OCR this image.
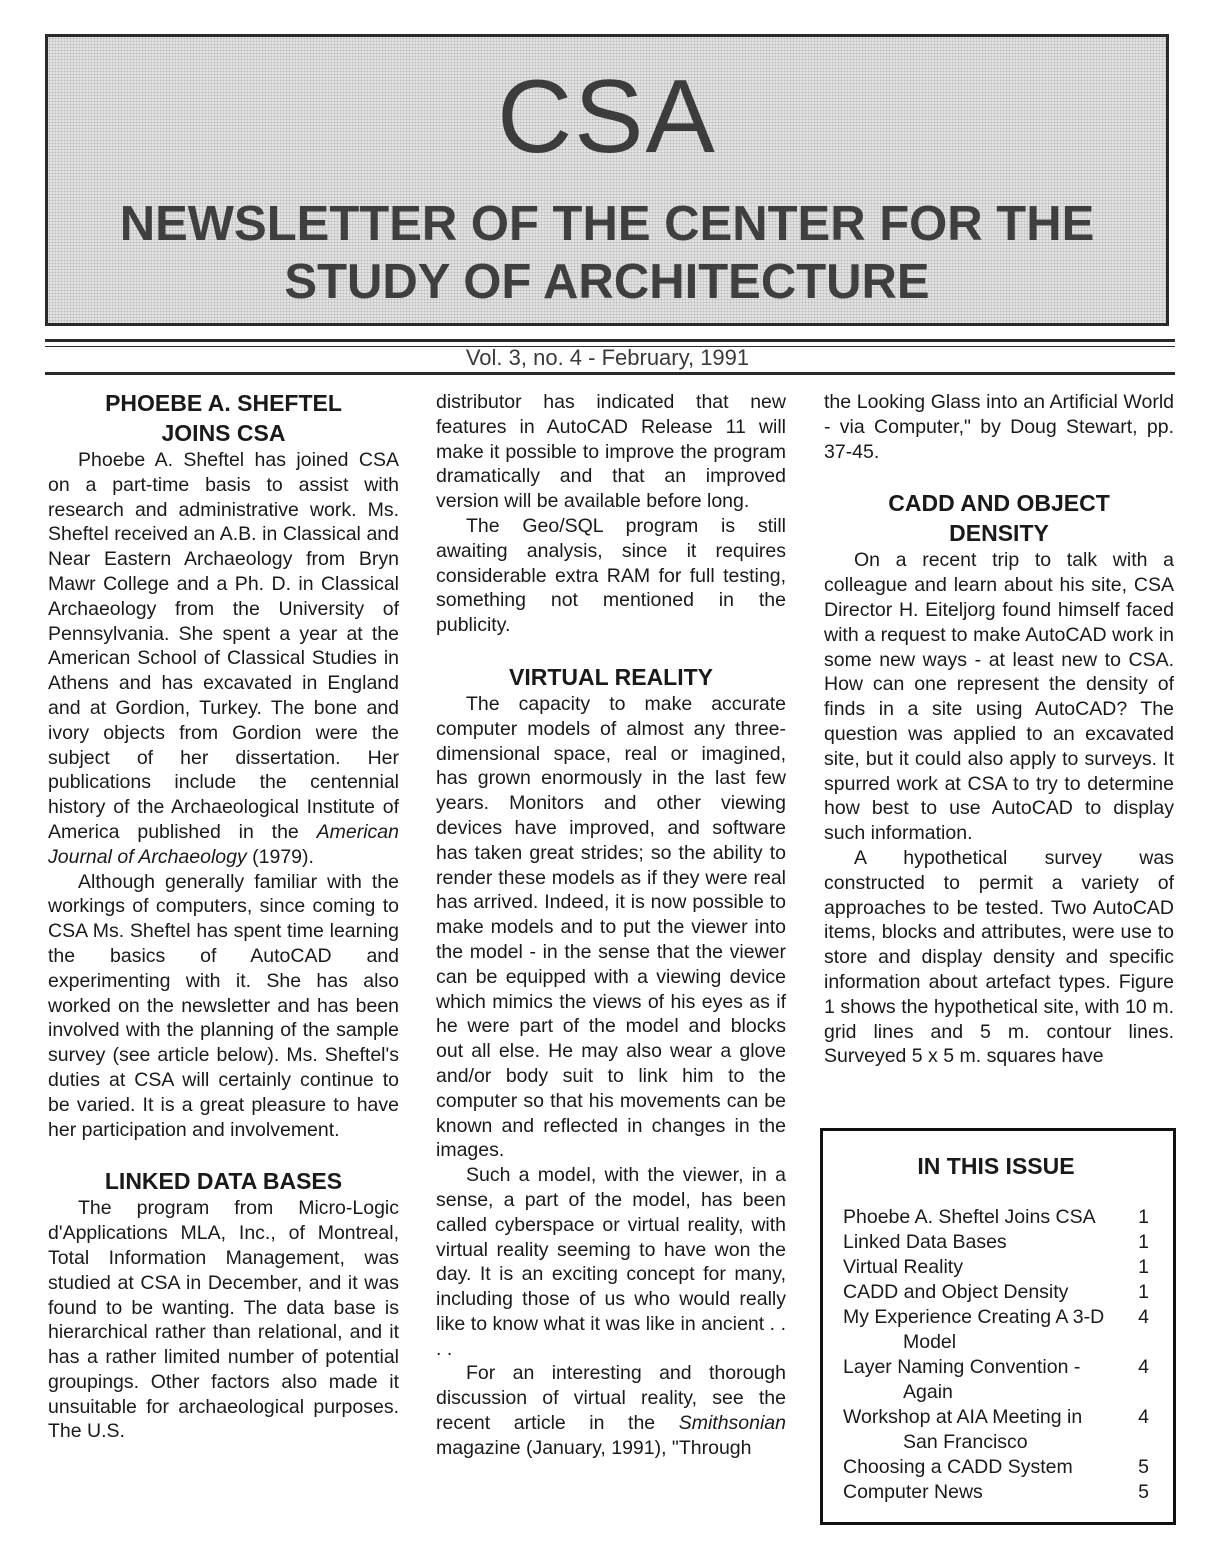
CSA
NEWSLETTER OF THE CENTER FOR THE
STUDY OF ARCHITECTURE
Vol. 3, no. 4 - February, 1991
PHOEBE A. SHEFTEL
JOINS CSA

Phoebe A. Sheftel has joined CSA on a part-time basis to assist with research and administrative work. Ms. Sheftel received an A.B. in Classical and Near Eastern Archaeology from Bryn Mawr College and a Ph. D. in Classical Archaeology from the University of Pennsylvania. She spent a year at the American School of Classical Studies in Athens and has excavated in England and at Gordion, Turkey. The bone and ivory objects from Gordion were the subject of her dissertation. Her publications include the centennial history of the Archaeological Institute of America published in the American Journal of Archaeology (1979).

Although generally familiar with the workings of computers, since coming to CSA Ms. Sheftel has spent time learning the basics of AutoCAD and experimenting with it. She has also worked on the newsletter and has been involved with the planning of the sample survey (see article below). Ms. Sheftel's duties at CSA will certainly continue to be varied. It is a great pleasure to have her participation and involvement.

LINKED DATA BASES

The program from Micro-Logic d'Applications MLA, Inc., of Montreal, Total Information Management, was studied at CSA in December, and it was found to be wanting. The data base is hierarchical rather than relational, and it has a rather limited number of potential groupings. Other factors also made it unsuitable for archaeological purposes. The U.S.

distributor has indicated that new features in AutoCAD Release 11 will make it possible to improve the program dramatically and that an improved version will be available before long.

The Geo/SQL program is still awaiting analysis, since it requires considerable extra RAM for full testing, something not mentioned in the publicity.

VIRTUAL REALITY

The capacity to make accurate computer models of almost any three-dimensional space, real or imagined, has grown enormously in the last few years. Monitors and other viewing devices have improved, and software has taken great strides; so the ability to render these models as if they were real has arrived. Indeed, it is now possible to make models and to put the viewer into the model - in the sense that the viewer can be equipped with a viewing device which mimics the views of his eyes as if he were part of the model and blocks out all else. He may also wear a glove and/or body suit to link him to the computer so that his movements can be known and reflected in changes in the images.

Such a model, with the viewer, in a sense, a part of the model, has been called cyberspace or virtual reality, with virtual reality seeming to have won the day. It is an exciting concept for many, including those of us who would really like to know what it was like in ancient . . . .

For an interesting and thorough discussion of virtual reality, see the recent article in the Smithsonian magazine (January, 1991), "Through

the Looking Glass into an Artificial World - via Computer," by Doug Stewart, pp. 37-45.

CADD AND OBJECT
DENSITY

On a recent trip to talk with a colleague and learn about his site, CSA Director H. Eiteljorg found himself faced with a request to make AutoCAD work in some new ways - at least new to CSA. How can one represent the density of finds in a site using AutoCAD? The question was applied to an excavated site, but it could also apply to surveys. It spurred work at CSA to try to determine how best to use AutoCAD to display such information.

A hypothetical survey was constructed to permit a variety of approaches to be tested. Two AutoCAD items, blocks and attributes, were use to store and display density and specific information about artefact types. Figure 1 shows the hypothetical site, with 10 m. grid lines and 5 m. contour lines. Surveyed 5 x 5 m. squares have

IN THIS ISSUE
Phoebe A. Sheftel Joins CSA	1
Linked Data Bases	1
Virtual Reality	1
CADD and Object Density	1
My Experience Creating A 3-D
Model
4
Layer Naming Convention -
Again
4
Workshop at AIA Meeting in
San Francisco
4
Choosing a CADD System	5
Computer News	5
